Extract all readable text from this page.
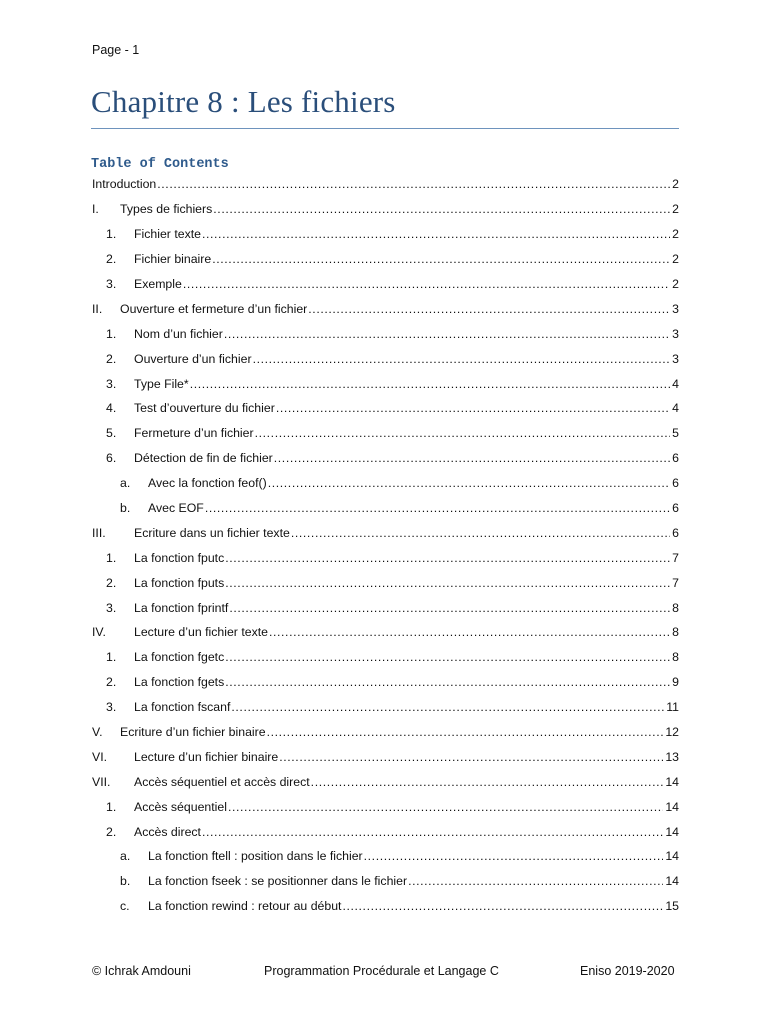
Page - 1
Chapitre 8 : Les fichiers
Table of Contents
Introduction .....	2
I. Types de fichiers .....	2
1. Fichier texte .....	2
2. Fichier binaire .....	2
3. Exemple .....	2
II. Ouverture et fermeture d’un fichier .....	3
1. Nom d’un fichier .....	3
2. Ouverture d’un fichier .....	3
3. Type File* .....	4
4. Test d’ouverture du fichier .....	4
5. Fermeture d’un fichier .....	5
6. Détection de fin de fichier .....	6
a. Avec la fonction feof() .....	6
b. Avec EOF .....	6
III. Ecriture dans un fichier texte .....	6
1. La fonction fputc .....	7
2. La fonction fputs .....	7
3. La fonction fprintf .....	8
IV. Lecture d’un fichier texte .....	8
1. La fonction fgetc .....	8
2. La fonction fgets .....	9
3. La fonction fscanf .....	11
V. Ecriture d’un fichier binaire .....	12
VI. Lecture d’un fichier binaire .....	13
VII. Accès séquentiel et accès direct .....	14
1. Accès séquentiel .....	14
2. Accès direct .....	14
a. La fonction ftell : position dans le fichier .....	14
b. La fonction fseek : se positionner dans le fichier .....	14
c. La fonction rewind : retour au début .....	15
© Ichrak Amdouni	Programmation Procédurale et Langage C	Eniso 2019-2020
